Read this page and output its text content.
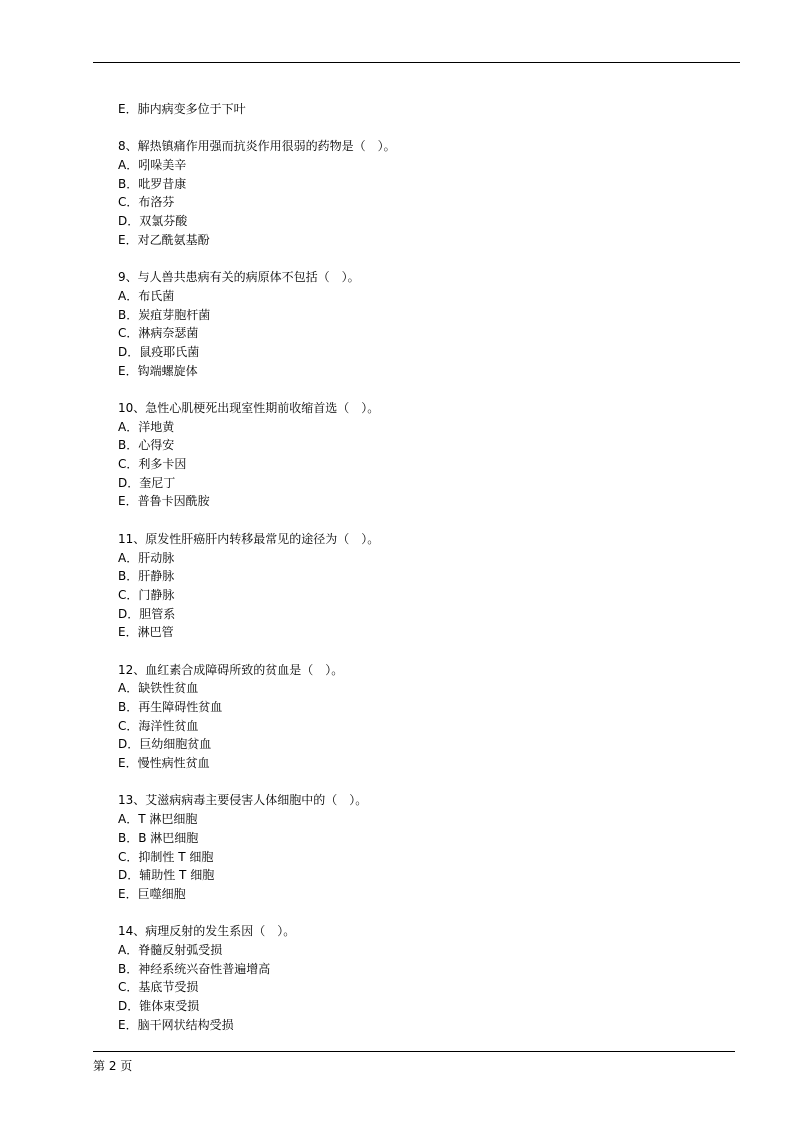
E．肺内病变多位于下叶
8、解热镇痛作用强而抗炎作用很弱的药物是（　）。
A．吲哚美辛
B．吡罗昔康
C．布洛芬
D．双氯芬酸
E．对乙酰氨基酚
9、与人兽共患病有关的病原体不包括（　）。
A．布氏菌
B．炭疽芽胞杆菌
C．淋病奈瑟菌
D．鼠疫耶氏菌
E．钩端螺旋体
10、急性心肌梗死出现室性期前收缩首选（　）。
A．洋地黄
B．心得安
C．利多卡因
D．奎尼丁
E．普鲁卡因酰胺
11、原发性肝癌肝内转移最常见的途径为（　）。
A．肝动脉
B．肝静脉
C．门静脉
D．胆管系
E．淋巴管
12、血红素合成障碍所致的贫血是（　）。
A．缺铁性贫血
B．再生障碍性贫血
C．海洋性贫血
D．巨幼细胞贫血
E．慢性病性贫血
13、艾滋病病毒主要侵害人体细胞中的（　）。
A．T 淋巴细胞
B．B 淋巴细胞
C．抑制性 T 细胞
D．辅助性 T 细胞
E．巨噬细胞
14、病理反射的发生系因（　）。
A．脊髓反射弧受损
B．神经系统兴奋性普遍增高
C．基底节受损
D．锥体束受损
E．脑干网状结构受损
第 2 页
